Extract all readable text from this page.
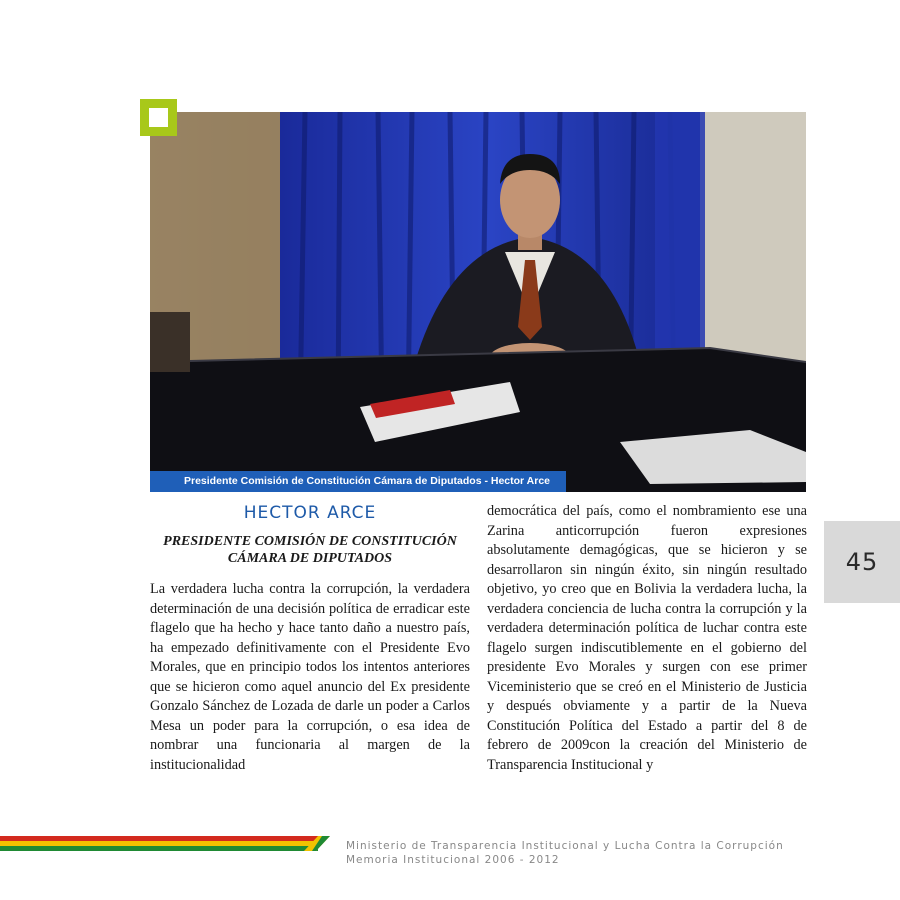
Presidente Comisión de Constitución Cámara de Diputados - Hector Arce
HECTOR ARCE
PRESIDENTE COMISIÓN DE CONSTITUCIÓN
CÁMARA DE DIPUTADOS

La verdadera lucha contra la corrupción, la verdadera determinación de una decisión política de erradicar este flagelo que ha hecho y hace tanto daño a nuestro país, ha empezado definitivamente con el Presidente Evo Morales, que en principio todos los intentos anteriores que se hicieron como aquel anuncio del Ex presidente Gonzalo Sánchez de Lozada de darle un poder a Carlos Mesa un poder para la corrupción, o esa idea de nombrar una funcionaria al margen de la institucionalidad

democrática del país, como el nombramiento ese una Zarina anticorrupción fueron expresiones absolutamente demagógicas, que se hicieron y se desarrollaron sin ningún éxito, sin ningún resultado objetivo, yo creo que en Bolivia la verdadera lucha, la verdadera conciencia de lucha contra la corrupción y la verdadera determinación política de luchar contra este flagelo surgen indiscutiblemente en el gobierno del presidente Evo Morales y surgen con ese primer Viceministerio que se creó en el Ministerio de Justicia y después obviamente y a partir de la Nueva Constitución Política del Estado a partir del 8 de febrero de 2009con la creación del Ministerio de Transparencia Institucional y

45
Ministerio de Transparencia Institucional y Lucha Contra la Corrupción
Memoria Institucional 2006 - 2012
